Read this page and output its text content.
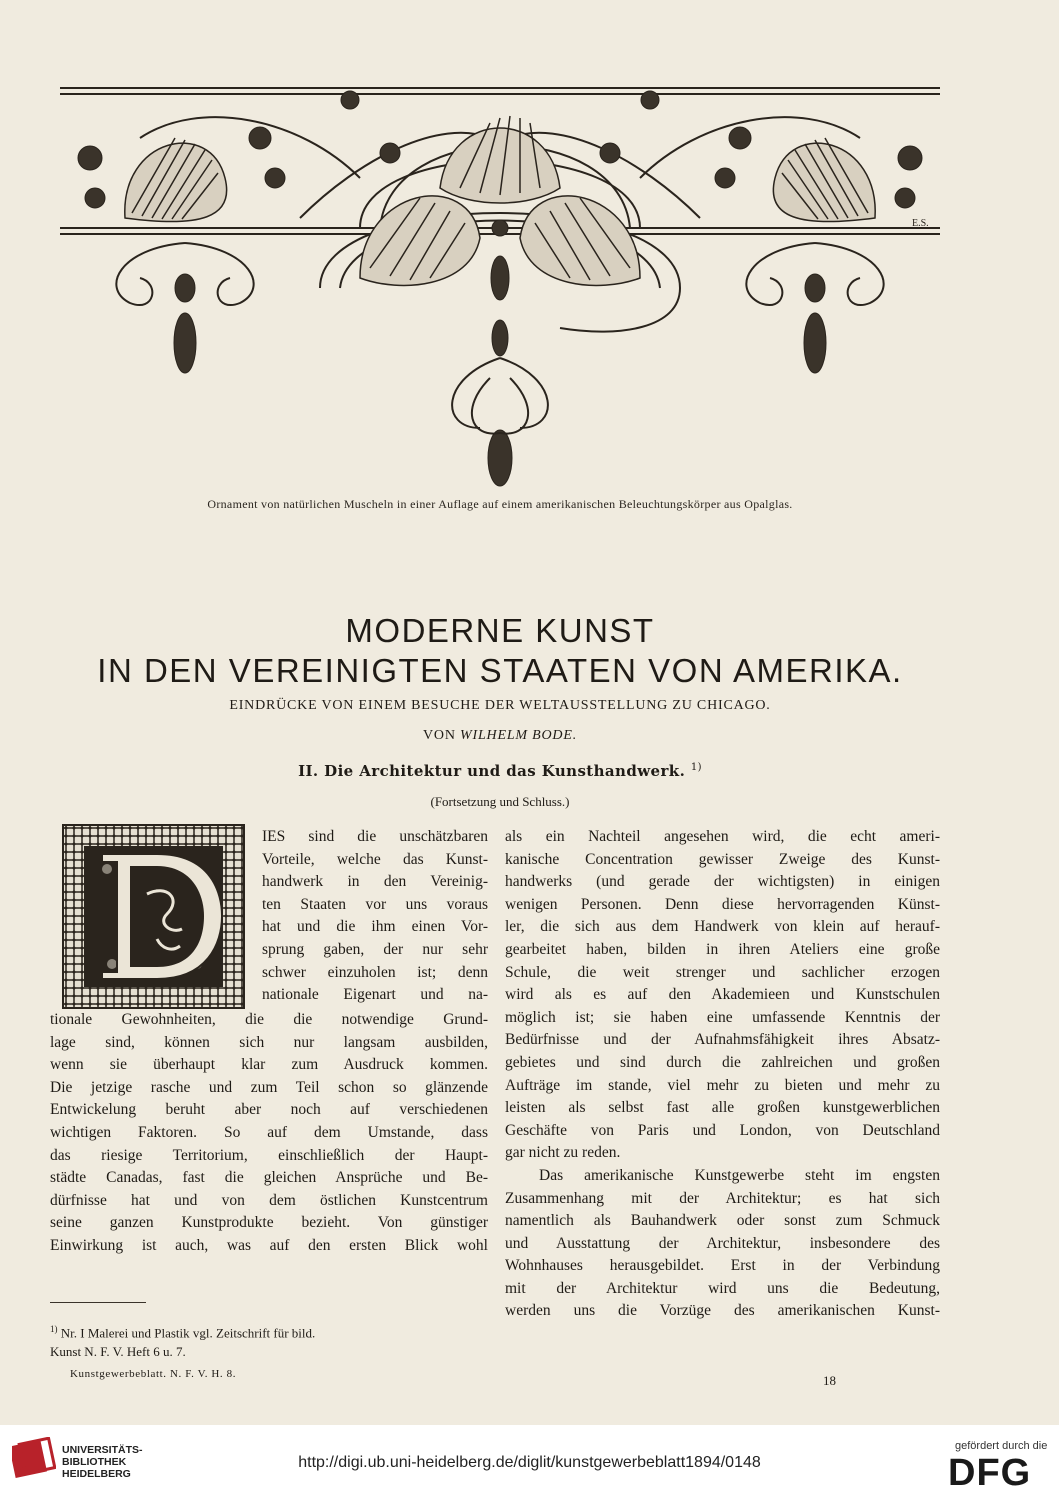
E.S.
Ornament von natürlichen Muscheln in einer Auflage auf einem amerikanischen Beleuchtungskörper aus Opalglas.
MODERNE KUNST
IN DEN VEREINIGTEN STAATEN VON AMERIKA.
EINDRÜCKE VON EINEM BESUCHE DER WELTAUSSTELLUNG ZU CHICAGO.
VON WILHELM BODE.
II. Die Architektur und das Kunsthandwerk. $^{1)}$
(Fortsetzung und Schluss.)
IES sind die unschätzbaren
Vorteile, welche das Kunst-
handwerk in den Vereinig-
ten Staaten vor uns voraus
hat und die ihm einen Vor-
sprung gaben, der nur sehr
schwer einzuholen ist; denn
nationale Eigenart und na-
tionale Gewohnheiten, die die notwendige Grund-
lage sind, können sich nur langsam ausbilden,
wenn sie überhaupt klar zum Ausdruck kommen.
Die jetzige rasche und zum Teil schon so glänzende
Entwickelung beruht aber noch auf verschiedenen
wichtigen Faktoren. So auf dem Umstande, dass
das riesige Territorium, einschließlich der Haupt-
städte Canadas, fast die gleichen Ansprüche und Be-
dürfnisse hat und von dem östlichen Kunstcentrum
seine ganzen Kunstprodukte bezieht. Von günstiger
Einwirkung ist auch, was auf den ersten Blick wohl
als ein Nachteil angesehen wird, die echt ameri-
kanische Concentration gewisser Zweige des Kunst-
handwerks (und gerade der wichtigsten) in einigen
wenigen Personen. Denn diese hervorragenden Künst-
ler, die sich aus dem Handwerk von klein auf herauf-
gearbeitet haben, bilden in ihren Ateliers eine große
Schule, die weit strenger und sachlicher erzogen
wird als es auf den Akademieen und Kunstschulen
möglich ist; sie haben eine umfassende Kenntnis der
Bedürfnisse und der Aufnahmsfähigkeit ihres Absatz-
gebietes und sind durch die zahlreichen und großen
Aufträge im stande, viel mehr zu bieten und mehr zu
leisten als selbst fast alle großen kunstgewerblichen
Geschäfte von Paris und London, von Deutschland
gar nicht zu reden.
Das amerikanische Kunstgewerbe steht im engsten
Zusammenhang mit der Architektur; es hat sich
namentlich als Bauhandwerk oder sonst zum Schmuck
und Ausstattung der Architektur, insbesondere des
Wohnhauses herausgebildet. Erst in der Verbindung
mit der Architektur wird uns die Bedeutung,
werden uns die Vorzüge des amerikanischen Kunst-
$^{1)}$ Nr. I Malerei und Plastik vgl. Zeitschrift für bild.
Kunst N. F. V. Heft 6 u. 7.
Kunstgewerbeblatt. N. F. V. H. 8.	18
UNIVERSITÄTS-
BIBLIOTHEK
HEIDELBERG
http://digi.ub.uni-heidelberg.de/diglit/kunstgewerbeblatt1894/0148
gefördert durch die
DFG
